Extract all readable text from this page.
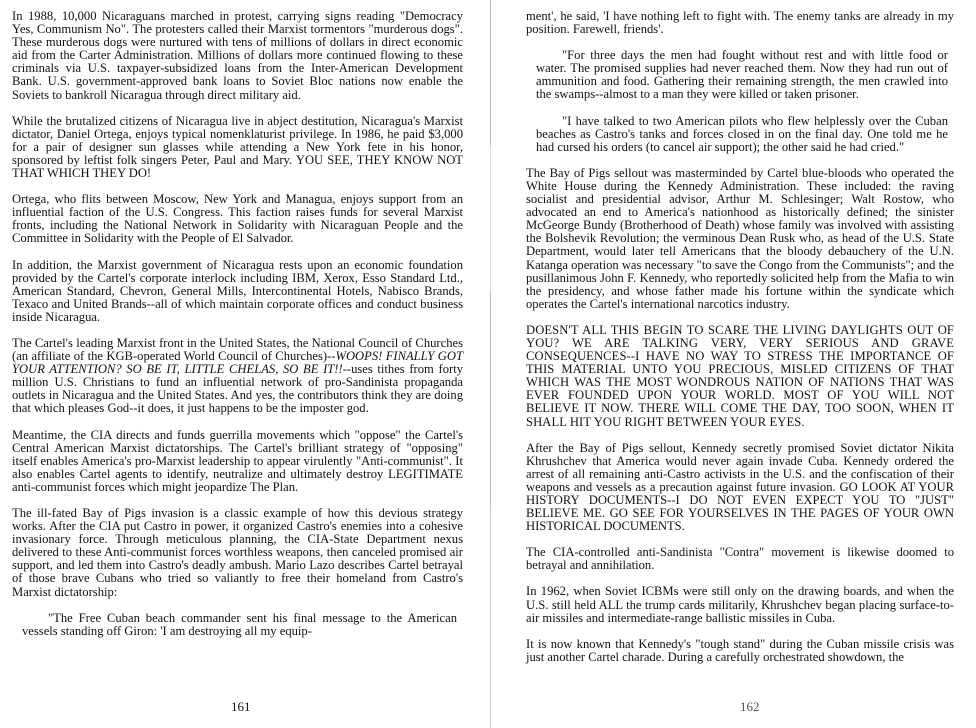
In 1988, 10,000 Nicaraguans marched in protest, carrying signs reading "Democracy Yes, Communism No". The protesters called their Marxist tormentors "murderous dogs". These murderous dogs were nurtured with tens of millions of dollars in direct economic aid from the Carter Administration. Millions of dollars more continued flowing to these criminals via U.S. taxpayer-subsidized loans from the Inter-American Development Bank. U.S. government-approved bank loans to Soviet Bloc nations now enable the Soviets to bankroll Nicaragua through direct military aid.

While the brutalized citizens of Nicaragua live in abject destitution, Nicaragua's Marxist dictator, Daniel Ortega, enjoys typical nomenklaturist privilege. In 1986, he paid $3,000 for a pair of designer sun glasses while attending a New York fete in his honor, sponsored by leftist folk singers Peter, Paul and Mary. YOU SEE, THEY KNOW NOT THAT WHICH THEY DO!

Ortega, who flits between Moscow, New York and Managua, enjoys support from an influential faction of the U.S. Congress. This faction raises funds for several Marxist fronts, including the National Network in Solidarity with Nicaraguan People and the Committee in Solidarity with the People of El Salvador.

In addition, the Marxist government of Nicaragua rests upon an economic foundation provided by the Cartel's corporate interlock including IBM, Xerox, Esso Standard Ltd., American Standard, Chevron, General Mills, Intercontinental Hotels, Nabisco Brands, Texaco and United Brands--all of which maintain corporate offices and conduct business inside Nicaragua.

The Cartel's leading Marxist front in the United States, the National Council of Churches (an affiliate of the KGB-operated World Council of Churches)--WOOPS! FINALLY GOT YOUR ATTENTION? SO BE IT, LITTLE CHELAS, SO BE IT!!--uses tithes from forty million U.S. Christians to fund an influential network of pro-Sandinista propaganda outlets in Nicaragua and the United States. And yes, the contributors think they are doing that which pleases God--it does, it just happens to be the imposter god.

Meantime, the CIA directs and funds guerrilla movements which "oppose" the Cartel's Central American Marxist dictatorships. The Cartel's brilliant strategy of "opposing" itself enables America's pro-Marxist leadership to appear virulently "Anti-communist". It also enables Cartel agents to identify, neutralize and ultimately destroy LEGITIMATE anti-communist forces which might jeopardize The Plan.

The ill-fated Bay of Pigs invasion is a classic example of how this devious strategy works. After the CIA put Castro in power, it organized Castro's enemies into a cohesive invasionary force. Through meticulous planning, the CIA-State Department nexus delivered to these Anti-communist forces worthless weapons, then canceled promised air support, and led them into Castro's deadly ambush. Mario Lazo describes Cartel betrayal of those brave Cubans who tried so valiantly to free their homeland from Castro's Marxist dictatorship:

"The Free Cuban beach commander sent his final message to the American vessels standing off Giron: 'I am destroying all my equip-

161

ment', he said, 'I have nothing left to fight with. The enemy tanks are already in my position. Farewell, friends'.

"For three days the men had fought without rest and with little food or water. The promised supplies had never reached them. Now they had run out of ammunition and food. Gathering their remaining strength, the men crawled into the swamps--almost to a man they were killed or taken prisoner.

"I have talked to two American pilots who flew helplessly over the Cuban beaches as Castro's tanks and forces closed in on the final day. One told me he had cursed his orders (to cancel air support); the other said he had cried."

The Bay of Pigs sellout was masterminded by Cartel blue-bloods who operated the White House during the Kennedy Administration. These included: the raving socialist and presidential advisor, Arthur M. Schlesinger; Walt Rostow, who advocated an end to America's nationhood as historically defined; the sinister McGeorge Bundy (Brotherhood of Death) whose family was involved with assisting the Bolshevik Revolution; the verminous Dean Rusk who, as head of the U.S. State Department, would later tell Americans that the bloody debauchery of the U.N. Katanga operation was necessary "to save the Congo from the Communists"; and the pusillanimous John F. Kennedy, who reportedly solicited help from the Mafia to win the presidency, and whose father made his fortune within the syndicate which operates the Cartel's international narcotics industry.

DOESN'T ALL THIS BEGIN TO SCARE THE LIVING DAYLIGHTS OUT OF YOU? WE ARE TALKING VERY, VERY SERIOUS AND GRAVE CONSEQUENCES--I HAVE NO WAY TO STRESS THE IMPORTANCE OF THIS MATERIAL UNTO YOU PRECIOUS, MISLED CITIZENS OF THAT WHICH WAS THE MOST WONDROUS NATION OF NATIONS THAT WAS EVER FOUNDED UPON YOUR WORLD. MOST OF YOU WILL NOT BELIEVE IT NOW. THERE WILL COME THE DAY, TOO SOON, WHEN IT SHALL HIT YOU RIGHT BETWEEN YOUR EYES.

After the Bay of Pigs sellout, Kennedy secretly promised Soviet dictator Nikita Khrushchev that America would never again invade Cuba. Kennedy ordered the arrest of all remaining anti-Castro activists in the U.S. and the confiscation of their weapons and vessels as a precaution against future invasion. GO LOOK AT YOUR HISTORY DOCUMENTS--I DO NOT EVEN EXPECT YOU TO "JUST" BELIEVE ME. GO SEE FOR YOURSELVES IN THE PAGES OF YOUR OWN HISTORICAL DOCUMENTS.

The CIA-controlled anti-Sandinista "Contra" movement is likewise doomed to betrayal and annihilation.

In 1962, when Soviet ICBMs were still only on the drawing boards, and when the U.S. still held ALL the trump cards militarily, Khrushchev began placing surface-to-air missiles and intermediate-range ballistic missiles in Cuba.

It is now known that Kennedy's "tough stand" during the Cuban missile crisis was just another Cartel charade. During a carefully orchestrated showdown, the

162
